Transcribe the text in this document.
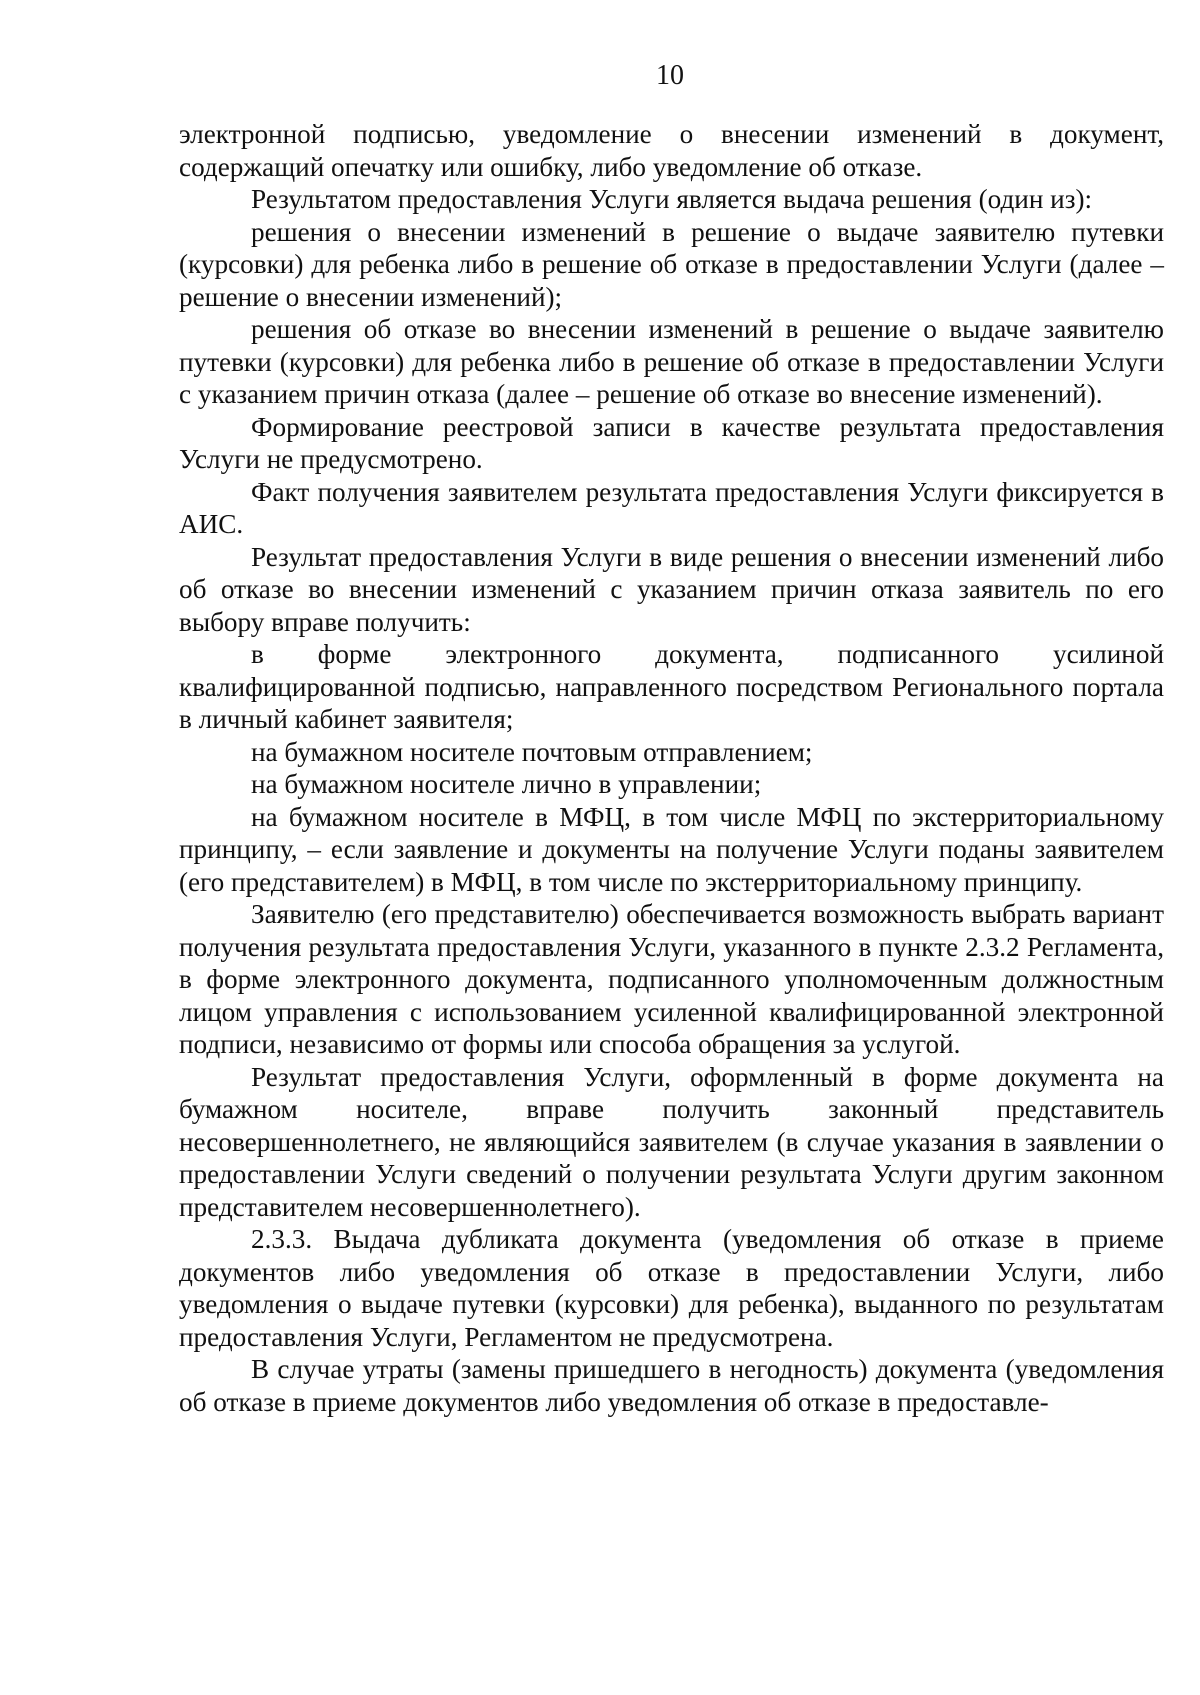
10

электронной подписью, уведомление о внесении изменений в документ, содержащий опечатку или ошибку, либо уведомление об отказе.

Результатом предоставления Услуги является выдача решения (один из):

решения о внесении изменений в решение о выдаче заявителю путевки (курсовки) для ребенка либо в решение об отказе в предоставлении Услуги (далее – решение о внесении изменений);

решения об отказе во внесении изменений в решение о выдаче заявителю путевки (курсовки) для ребенка либо в решение об отказе в предоставлении Услуги с указанием причин отказа (далее – решение об отказе во внесение изменений).

Формирование реестровой записи в качестве результата предоставления Услуги не предусмотрено.

Факт получения заявителем результата предоставления Услуги фиксируется в АИС.

Результат предоставления Услуги в виде решения о внесении изменений либо об отказе во внесении изменений с указанием причин отказа заявитель по его выбору вправе получить:

в форме электронного документа, подписанного усилиной квалифицированной подписью, направленного посредством Регионального портала в личный кабинет заявителя;

на бумажном носителе почтовым отправлением;

на бумажном носителе лично в управлении;

на бумажном носителе в МФЦ, в том числе МФЦ по экстерриториальному принципу, – если заявление и документы на получение Услуги поданы заявителем (его представителем) в МФЦ, в том числе по экстерриториальному принципу.

Заявителю (его представителю) обеспечивается возможность выбрать вариант получения результата предоставления Услуги, указанного в пункте 2.3.2 Регламента, в форме электронного документа, подписанного уполномоченным должностным лицом управления с использованием усиленной квалифицированной электронной подписи, независимо от формы или способа обращения за услугой.

Результат предоставления Услуги, оформленный в форме документа на бумажном носителе, вправе получить законный представитель несовершеннолетнего, не являющийся заявителем (в случае указания в заявлении о предоставлении Услуги сведений о получении результата Услуги другим законном представителем несовершеннолетнего).

2.3.3. Выдача дубликата документа (уведомления об отказе в приеме документов либо уведомления об отказе в предоставлении Услуги, либо уведомления о выдаче путевки (курсовки) для ребенка), выданного по результатам предоставления Услуги, Регламентом не предусмотрена.

В случае утраты (замены пришедшего в негодность) документа (уведомления об отказе в приеме документов либо уведомления об отказе в предоставле-
